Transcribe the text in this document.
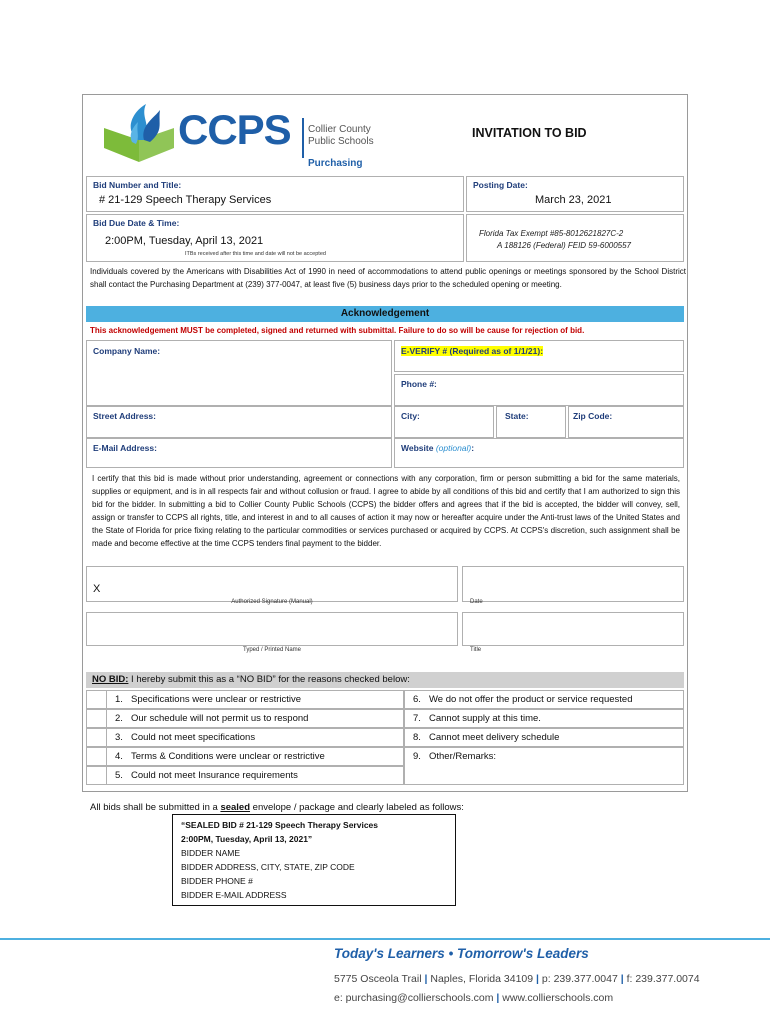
CCPS Collier County
Public Schools
Purchasing
INVITATION TO BID
Bid Number and Title:
# 21-129 Speech Therapy Services
Posting Date:
March 23, 2021
Bid Due Date & Time:
2:00PM, Tuesday, April 13, 2021
ITBs received after this time and date will not be accepted
Florida Tax Exempt #85-8012621827C-2
A 188126 (Federal) FEID 59-6000557
Individuals covered by the Americans with Disabilities Act of 1990 in need of accommodations to attend public openings or meetings sponsored by the School District shall contact the Purchasing Department at (239) 377-0047, at least five (5) business days prior to the scheduled opening or meeting.
Acknowledgement
This acknowledgement MUST be completed, signed and returned with submittal. Failure to do so will be cause for rejection of bid.
Company Name:	E-VERIFY # (Required as of 1/1/21):
Phone #:
Street Address:	City:	State:	Zip Code:
E-Mail Address:	Website (optional):
I certify that this bid is made without prior understanding, agreement or connections with any corporation, firm or person submitting a bid for the same materials, supplies or equipment, and is in all respects fair and without collusion or fraud. I agree to abide by all conditions of this bid and certify that I am authorized to sign this bid for the bidder. In submitting a bid to Collier County Public Schools (CCPS) the bidder offers and agrees that if the bid is accepted, the bidder will convey, sell, assign or transfer to CCPS all rights, title, and interest in and to all causes of action it may now or hereafter acquire under the Anti-trust laws of the United States and the State of Florida for price fixing relating to the particular commodities or services purchased or acquired by CCPS. At CCPS's discretion, such assignment shall be made and become effective at the time CCPS tenders final payment to the bidder.
X
Authorized Signature (Manual)	Date
Typed / Printed Name	Title
NO BID: I hereby submit this as a “NO BID” for the reasons checked below:
1. Specifications were unclear or restrictive
2. Our schedule will not permit us to respond
3. Could not meet specifications
4. Terms & Conditions were unclear or restrictive
5. Could not meet Insurance requirements
6. We do not offer the product or service requested
7. Cannot supply at this time.
8. Cannot meet delivery schedule
9. Other/Remarks:
All bids shall be submitted in a sealed envelope / package and clearly labeled as follows:
“SEALED BID # 21-129 Speech Therapy Services
2:00PM, Tuesday, April 13, 2021”
BIDDER NAME
BIDDER ADDRESS, CITY, STATE, ZIP CODE
BIDDER PHONE #
BIDDER E-MAIL ADDRESS
Today's Learners • Tomorrow's Leaders
5775 Osceola Trail | Naples, Florida 34109 | p: 239.377.0047 | f: 239.377.0074
e: purchasing@collierschools.com | www.collierschools.com
